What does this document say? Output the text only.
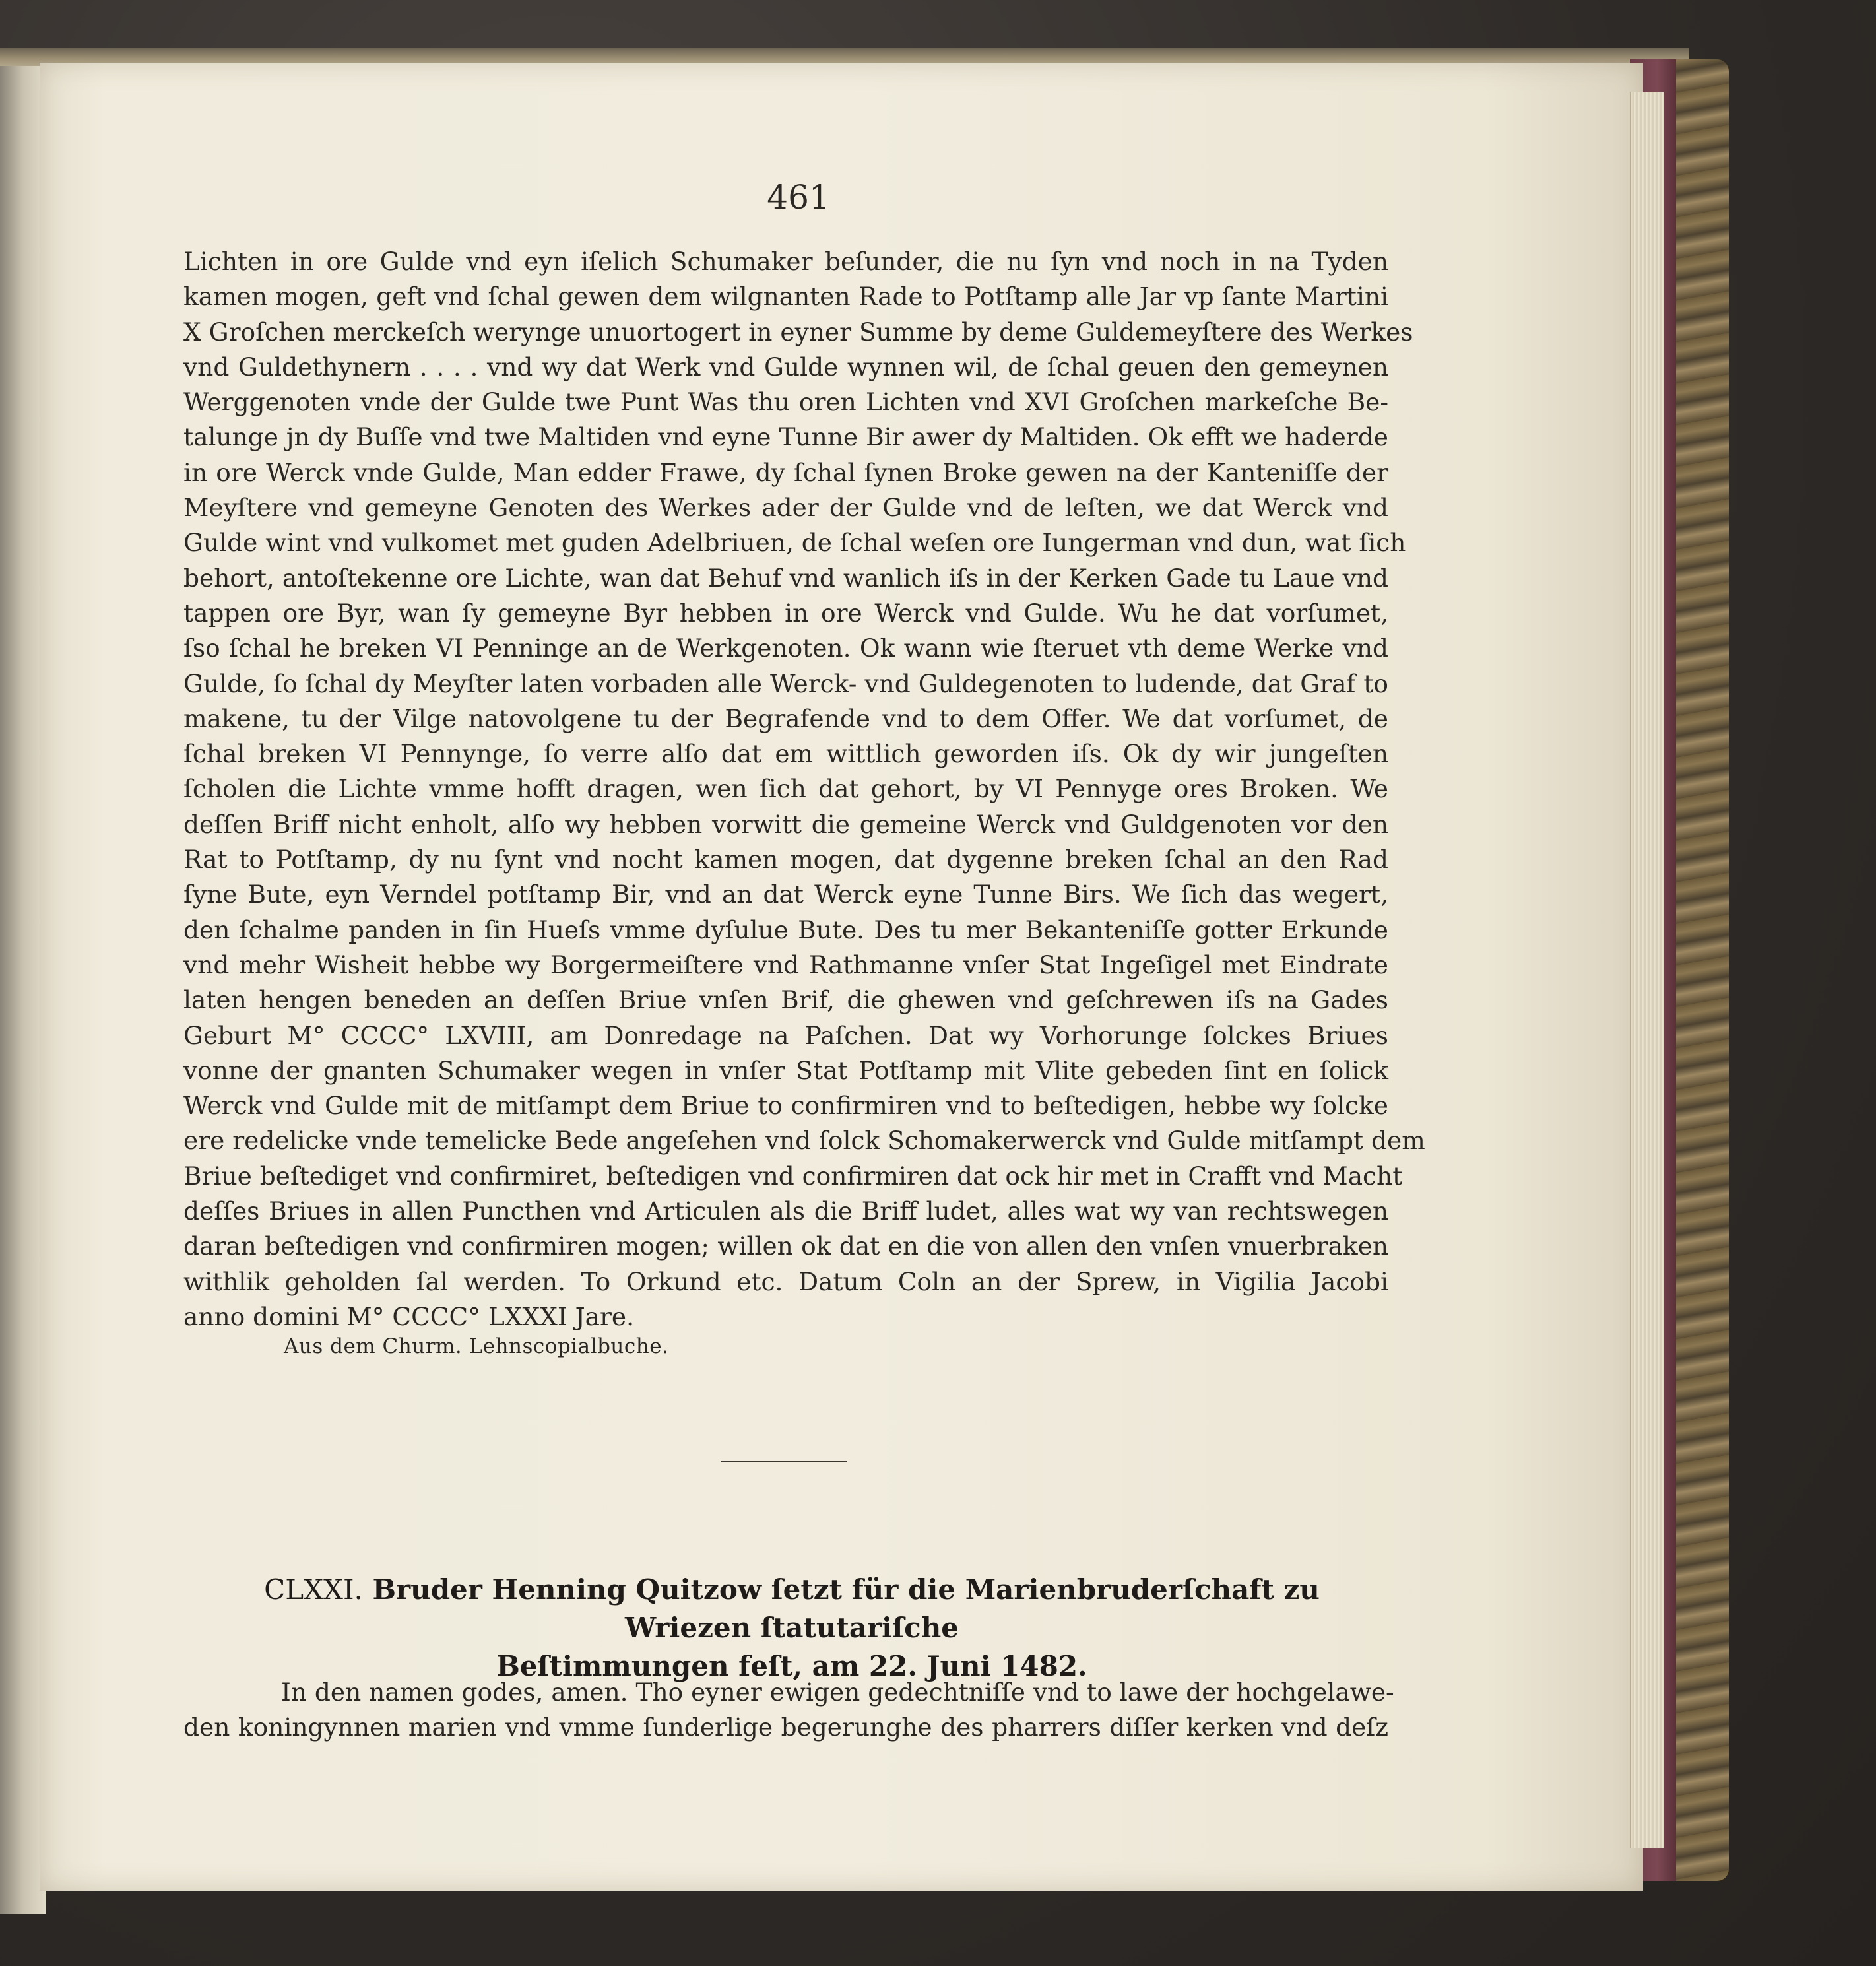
461
Lichten in ore Gulde vnd eyn iſelich Schumaker beſunder, die nu ſyn vnd noch in na Tyden
kamen mogen, geft vnd ſchal gewen dem wilgnanten Rade to Potſtamp alle Jar vp ſante Martini
X Groſchen merckeſch werynge unuortogert in eyner Summe by deme Guldemeyſtere des Werkes
vnd Guldethynern . . . . vnd wy dat Werk vnd Gulde wynnen wil, de ſchal geuen den gemeynen
Werggenoten vnde der Gulde twe Punt Was thu oren Lichten vnd XVI Groſchen markeſche Be-
talunge jn dy Buſſe vnd twe Maltiden vnd eyne Tunne Bir awer dy Maltiden. Ok efft we haderde
in ore Werck vnde Gulde, Man edder Frawe, dy ſchal ſynen Broke gewen na der Kanteniſſe der
Meyſtere vnd gemeyne Genoten des Werkes ader der Gulde vnd de leſten, we dat Werck vnd
Gulde wint vnd vulkomet met guden Adelbriuen, de ſchal weſen ore Iungerman vnd dun, wat ſich
behort, antoſtekenne ore Lichte, wan dat Behuf vnd wanlich iſs in der Kerken Gade tu Laue vnd
tappen ore Byr, wan ſy gemeyne Byr hebben in ore Werck vnd Gulde. Wu he dat vorſumet,
ſso ſchal he breken VI Penninge an de Werkgenoten. Ok wann wie ſteruet vth deme Werke vnd
Gulde, ſo ſchal dy Meyſter laten vorbaden alle Werck- vnd Guldegenoten to ludende, dat Graf to
makene, tu der Vilge natovolgene tu der Begrafende vnd to dem Offer. We dat vorſumet, de
ſchal breken VI Pennynge, ſo verre alſo dat em wittlich geworden iſs. Ok dy wir jungeſten
ſcholen die Lichte vmme hofft dragen, wen ſich dat gehort, by VI Pennyge ores Broken. We
deſſen Briff nicht enholt, alſo wy hebben vorwitt die gemeine Werck vnd Guldgenoten vor den
Rat to Potſtamp, dy nu ſynt vnd nocht kamen mogen, dat dygenne breken ſchal an den Rad
ſyne Bute, eyn Verndel potſtamp Bir, vnd an dat Werck eyne Tunne Birs. We ſich das wegert,
den ſchalme panden in ſin Hueſs vmme dyſulue Bute. Des tu mer Bekanteniſſe gotter Erkunde
vnd mehr Wisheit hebbe wy Borgermeiſtere vnd Rathmanne vnſer Stat Ingeſigel met Eindrate
laten hengen beneden an deſſen Briue vnſen Brif, die ghewen vnd geſchrewen iſs na Gades
Geburt M° CCCC° LXVIII, am Donredage na Paſchen. Dat wy Vorhorunge ſolckes Briues
vonne der gnanten Schumaker wegen in vnſer Stat Potſtamp mit Vlite gebeden ſint en ſolick
Werck vnd Gulde mit de mitſampt dem Briue to confirmiren vnd to beſtedigen, hebbe wy ſolcke
ere redelicke vnde temelicke Bede angeſehen vnd ſolck Schomakerwerck vnd Gulde mitſampt dem
Briue beſtediget vnd confirmiret, beſtedigen vnd confirmiren dat ock hir met in Crafft vnd Macht
deſſes Briues in allen Puncthen vnd Articulen als die Briff ludet, alles wat wy van rechtswegen
daran beſtedigen vnd confirmiren mogen; willen ok dat en die von allen den vnſen vnuerbraken
withlik geholden ſal werden. To Orkund etc. Datum Coln an der Sprew, in Vigilia Jacobi
anno domini M° CCCC° LXXXI Jare.
Aus dem Churm. Lehnscopialbuche.
CLXXI. Bruder Henning Quitzow ſetzt für die Marienbruderſchaft zu Wriezen ſtatutariſche
Beſtimmungen feſt, am 22. Juni 1482.
In den namen godes, amen. Tho eyner ewigen gedechtniſſe vnd to lawe der hochgelawe-
den koningynnen marien vnd vmme ſunderlige begerunghe des pharrers diſſer kerken vnd deſz
